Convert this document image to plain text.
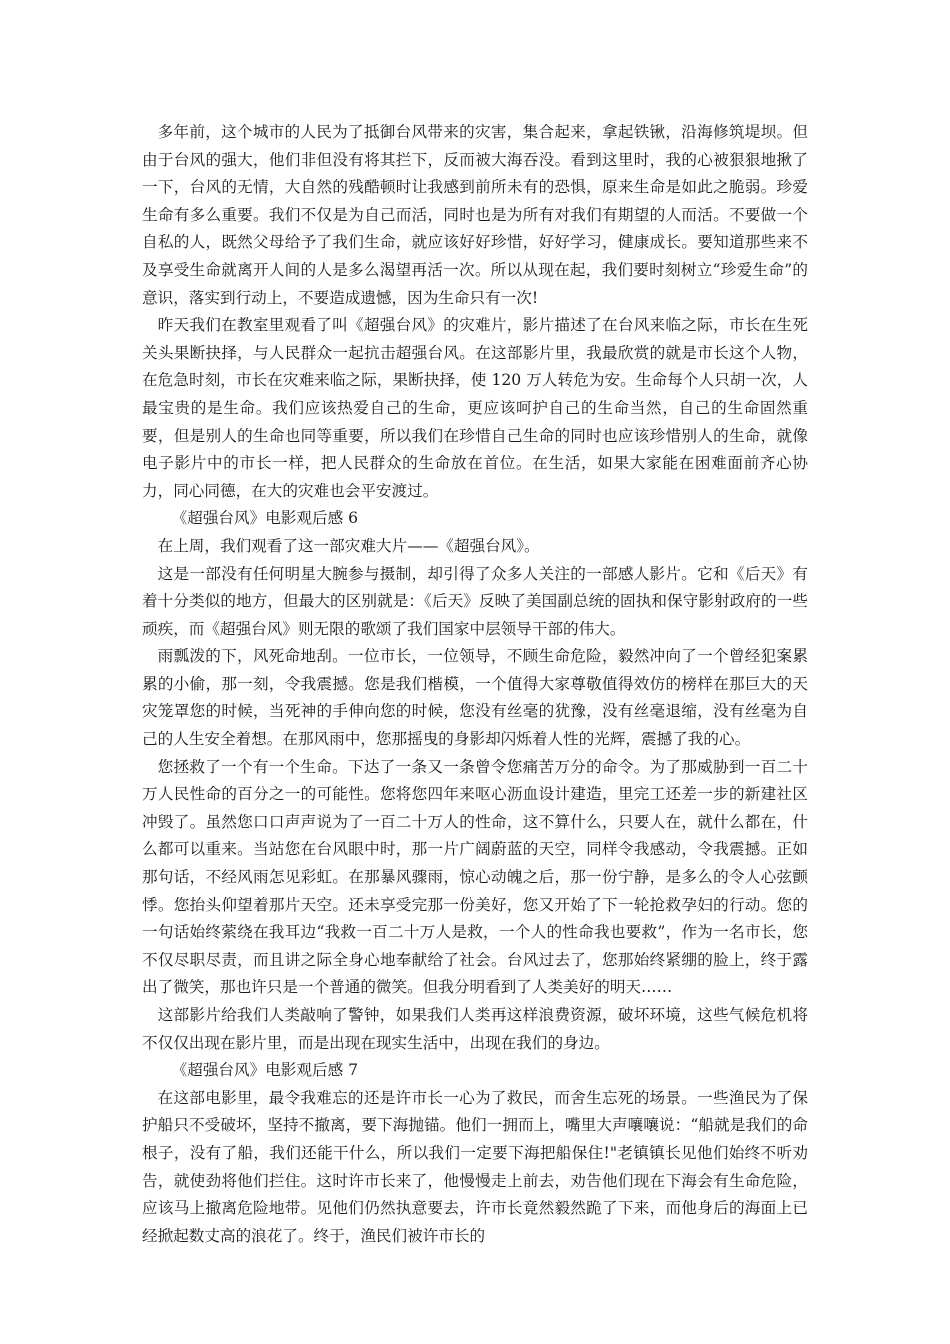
多年前，这个城市的人民为了抵御台风带来的灾害，集合起来，拿起铁锹，沿海修筑堤坝。但由于台风的强大，他们非但没有将其拦下，反而被大海吞没。看到这里时，我的心被狠狠地揪了一下，台风的无情，大自然的残酷顿时让我感到前所未有的恐惧，原来生命是如此之脆弱。珍爱生命有多么重要。我们不仅是为自己而活，同时也是为所有对我们有期望的人而活。不要做一个自私的人，既然父母给予了我们生命，就应该好好珍惜，好好学习，健康成长。要知道那些来不及享受生命就离开人间的人是多么渴望再活一次。所以从现在起，我们要时刻树立“珍爱生命”的意识，落实到行动上，不要造成遗憾，因为生命只有一次!

昨天我们在教室里观看了叫《超强台风》的灾难片，影片描述了在台风来临之际，市长在生死关头果断抉择，与人民群众一起抗击超强台风。在这部影片里，我最欣赏的就是市长这个人物，在危急时刻，市长在灾难来临之际，果断抉择，使 120 万人转危为安。生命每个人只胡一次，人最宝贵的是生命。我们应该热爱自己的生命，更应该呵护自己的生命当然，自己的生命固然重要，但是别人的生命也同等重要，所以我们在珍惜自己生命的同时也应该珍惜别人的生命，就像电子影片中的市长一样，把人民群众的生命放在首位。在生活，如果大家能在困难面前齐心协力，同心同德，在大的灾难也会平安渡过。

《超强台风》电影观后感 6

在上周，我们观看了这一部灾难大片——《超强台风》。

这是一部没有任何明星大腕参与摄制，却引得了众多人关注的一部感人影片。它和《后天》有着十分类似的地方，但最大的区别就是：《后天》反映了美国副总统的固执和保守影射政府的一些顽疾，而《超强台风》则无限的歌颂了我们国家中层领导干部的伟大。

雨瓢泼的下，风死命地刮。一位市长，一位领导，不顾生命危险，毅然冲向了一个曾经犯案累累的小偷，那一刻，令我震撼。您是我们楷模，一个值得大家尊敬值得效仿的榜样在那巨大的天灾笼罩您的时候，当死神的手伸向您的时候，您没有丝毫的犹豫，没有丝毫退缩，没有丝毫为自己的人生安全着想。在那风雨中，您那摇曳的身影却闪烁着人性的光辉，震撼了我的心。

您拯救了一个有一个生命。下达了一条又一条曾令您痛苦万分的命令。为了那威胁到一百二十万人民性命的百分之一的可能性。您将您四年来呕心沥血设计建造，里完工还差一步的新建社区冲毁了。虽然您口口声声说为了一百二十万人的性命，这不算什么，只要人在，就什么都在，什么都可以重来。当站您在台风眼中时，那一片广阔蔚蓝的天空，同样令我感动，令我震撼。正如那句话，不经风雨怎见彩虹。在那暴风骤雨，惊心动魄之后，那一份宁静，是多么的令人心弦颤悸。您抬头仰望着那片天空。还未享受完那一份美好，您又开始了下一轮抢救孕妇的行动。您的一句话始终萦绕在我耳边“我救一百二十万人是救，一个人的性命我也要救”，作为一名市长，您不仅尽职尽责，而且讲之际全身心地奉献给了社会。台风过去了，您那始终紧绷的脸上，终于露出了微笑，那也许只是一个普通的微笑。但我分明看到了人类美好的明天……

这部影片给我们人类敲响了警钟，如果我们人类再这样浪费资源，破坏环境，这些气候危机将不仅仅出现在影片里，而是出现在现实生活中，出现在我们的身边。

《超强台风》电影观后感 7

在这部电影里，最令我难忘的还是许市长一心为了救民，而舍生忘死的场景。一些渔民为了保护船只不受破坏，坚持不撤离，要下海抛锚。他们一拥而上，嘴里大声嚷嚷说：“船就是我们的命根子，没有了船，我们还能干什么，所以我们一定要下海把船保住!"老镇镇长见他们始终不听劝告，就使劲将他们拦住。这时许市长来了，他慢慢走上前去，劝告他们现在下海会有生命危险，应该马上撤离危险地带。见他们仍然执意要去，许市长竟然毅然跪了下来，而他身后的海面上已经掀起数丈高的浪花了。终于，渔民们被许市长的
